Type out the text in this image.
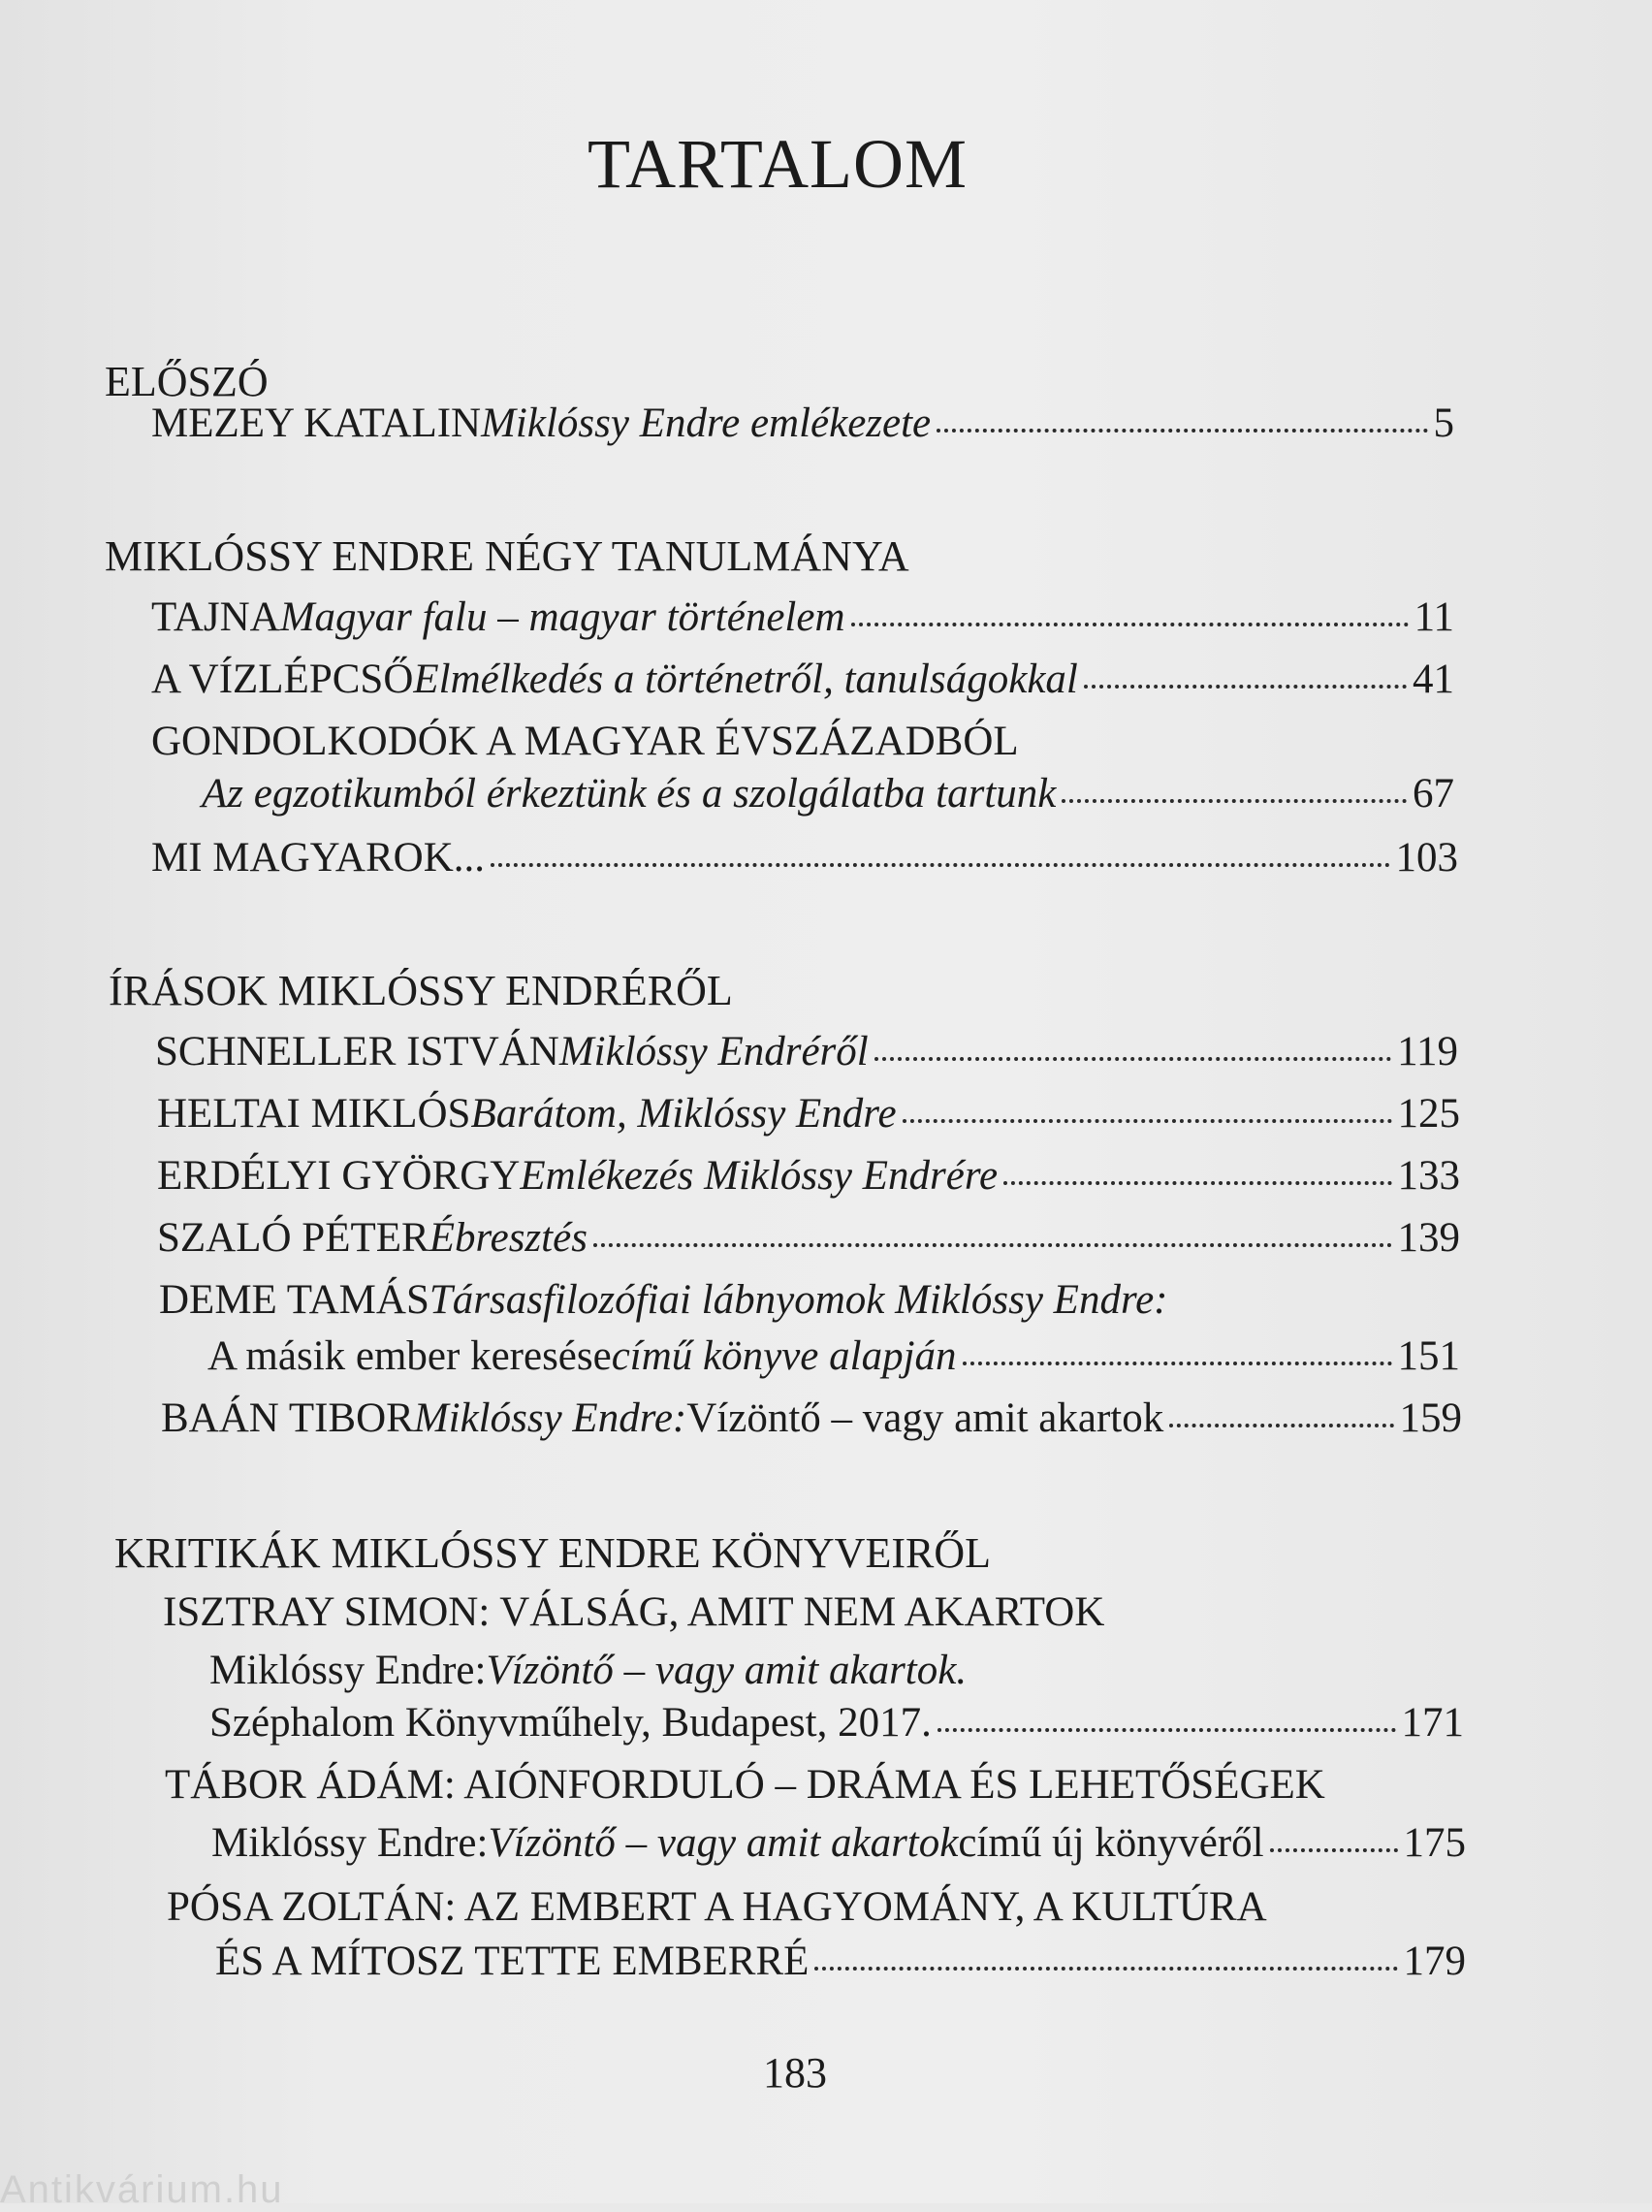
TARTALOM
ELŐSZÓ
MEZEY KATALIN Miklóssy Endre emlékezete	5
MIKLÓSSY ENDRE NÉGY TANULMÁNYA
TAJNA Magyar falu – magyar történelem	11
A VÍZLÉPCSŐ Elmélkedés a történetről, tanulságokkal	41
GONDOLKODÓK A MAGYAR ÉVSZÁZADBÓL
Az egzotikumból érkeztünk és a szolgálatba tartunk	67
MI MAGYAROK...	103
ÍRÁSOK MIKLÓSSY ENDRÉRŐL
SCHNELLER ISTVÁN Miklóssy Endréről	119
HELTAI MIKLÓS Barátom, Miklóssy Endre	125
ERDÉLYI GYÖRGY Emlékezés Miklóssy Endrére	133
SZALÓ PÉTER Ébresztés	139
DEME TAMÁS Társasfilozófiai lábnyomok Miklóssy Endre:
A másik ember keresése című könyve alapján	151
BAÁN TIBOR Miklóssy Endre: Vízöntő – vagy amit akartok	159
KRITIKÁK MIKLÓSSY ENDRE KÖNYVEIRŐL
ISZTRAY SIMON: VÁLSÁG, AMIT NEM AKARTOK
Miklóssy Endre: Vízöntő – vagy amit akartok.
Széphalom Könyvműhely, Budapest, 2017.	171
TÁBOR ÁDÁM: AIÓNFORDULÓ – DRÁMA ÉS LEHETŐSÉGEK
Miklóssy Endre: Vízöntő – vagy amit akartok című új könyvéről	175
PÓSA ZOLTÁN: AZ EMBERT A HAGYOMÁNY, A KULTÚRA
ÉS A MÍTOSZ TETTE EMBERRÉ	179
183
Antikvárium.hu
